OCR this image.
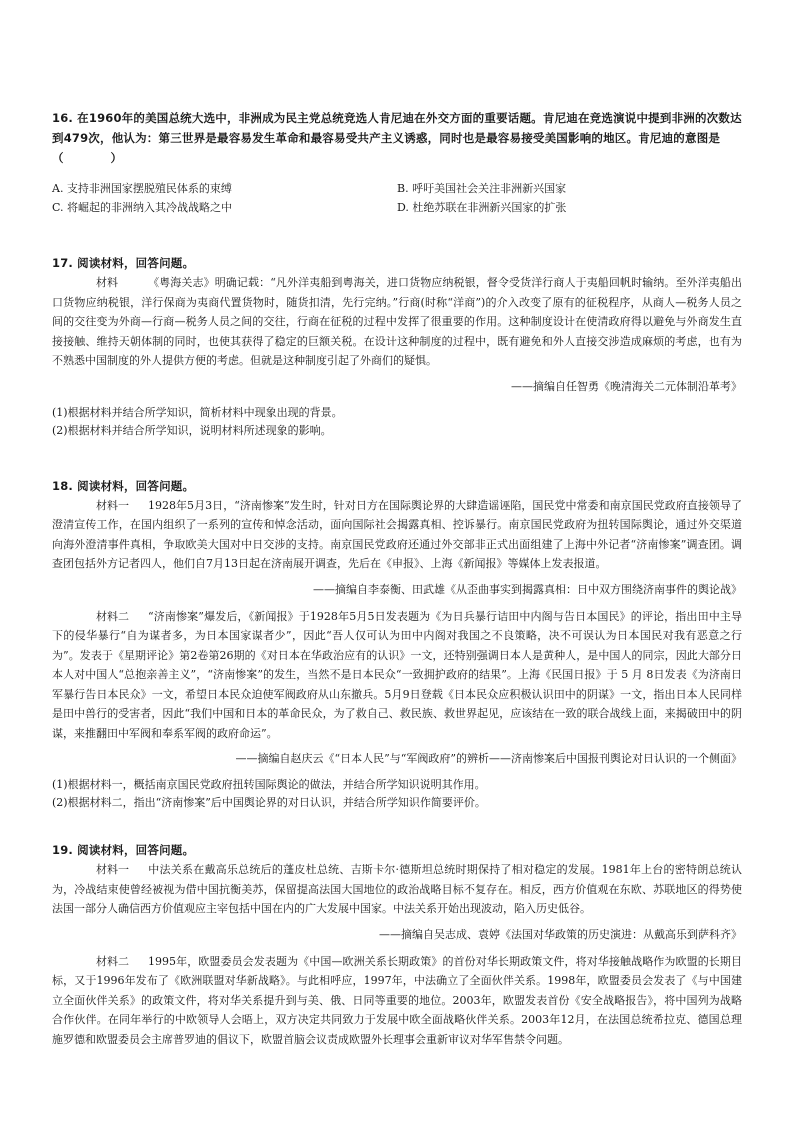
16. 在1960年的美国总统大选中，非洲成为民主党总统竞选人肯尼迪在外交方面的重要话题。肯尼迪在竞选演说中提到非洲的次数达到479次，他认为：第三世界是最容易发生革命和最容易受共产主义诱惑，同时也是最容易接受美国影响的地区。肯尼迪的意图是（　　　　）

A. 支持非洲国家摆脱殖民体系的束缚	B. 呼吁美国社会关注非洲新兴国家
C. 将崛起的非洲纳入其冷战战略之中	D. 杜绝苏联在非洲新兴国家的扩张
17. 阅读材料，回答问题。

材料	《粤海关志》明确记载：“凡外洋夷船到粤海关，进口货物应纳税银，督令受货洋行商人于夷船回帆时输纳。至外洋夷船出口货物应纳税银，洋行保商为夷商代置货物时，随货扣清，先行完纳。”行商(时称“洋商”)的介入改变了原有的征税程序，从商人—税务人员之间的交往变为外商—行商—税务人员之间的交往，行商在征税的过程中发挥了很重要的作用。这种制度设计在使清政府得以避免与外商发生直接接触、维持天朝体制的同时，也使其获得了稳定的巨额关税。在设计这种制度的过程中，既有避免和外人直接交涉造成麻烦的考虑，也有为不熟悉中国制度的外人提供方便的考虑。但就是这种制度引起了外商们的疑惧。

——摘编自任智勇《晚清海关二元体制沿革考》

(1)根据材料并结合所学知识，简析材料中现象出现的背景。

(2)根据材料并结合所学知识，说明材料所述现象的影响。

18. 阅读材料，回答问题。

材料一 1928年5月3日，“济南惨案”发生时，针对日方在国际舆论界的大肆造谣诬陷，国民党中常委和南京国民党政府直接领导了澄清宣传工作，在国内组织了一系列的宣传和悼念活动，面向国际社会揭露真相、控诉暴行。南京国民党政府为扭转国际舆论，通过外交渠道向海外澄清事件真相，争取欧美大国对中日交涉的支持。南京国民党政府还通过外交部非正式出面组建了上海中外记者“济南惨案”调查团。调查团包括外方记者四人，他们自7月13日起在济南展开调查，先后在《申报》、上海《新闻报》等媒体上发表报道。

——摘编自李泰衡、田武雄《从歪曲事实到揭露真相：日中双方围绕济南事件的舆论战》

材料二 “济南惨案”爆发后，《新闻报》于1928年5月5日发表题为《为日兵暴行诘田中内阁与告日本国民》的评论，指出田中主导下的侵华暴行“自为谋者多，为日本国家谋者少”，因此“吾人仅可认为田中内阁对我国之不良策略，决不可误认为日本国民对我有恶意之行为”。发表于《星期评论》第2卷第26期的《对日本在华政治应有的认识》一文，还特别强调日本人是黄种人，是中国人的同宗，因此大部分日本人对中国人“总抱亲善主义”，“济南惨案”的发生，当然不是日本民众“一致拥护政府的结果”。上海《民国日报》于 5 月 8日发表《为济南日军暴行告日本民众》一文，希望日本民众迫使军阀政府从山东撤兵。5月9日登载《日本民众应积极认识田中的阴谋》一文，指出日本人民同样是田中兽行的受害者，因此“我们中国和日本的革命民众，为了救自己、救民族、救世界起见，应该结在一致的联合战线上面，来揭破田中的阴谋，来推翻田中军阀和奉系军阀的政府命运”。

——摘编自赵庆云《“日本人民”与“军阀政府”的辨析——济南惨案后中国报刊舆论对日认识的一个侧面》

(1)根据材料一，概括南京国民党政府扭转国际舆论的做法，并结合所学知识说明其作用。

(2)根据材料二，指出“济南惨案”后中国舆论界的对日认识，并结合所学知识作简要评价。

19. 阅读材料，回答问题。

材料一 中法关系在戴高乐总统后的蓬皮杜总统、吉斯卡尔·德斯坦总统时期保持了相对稳定的发展。1981年上台的密特朗总统认为，冷战结束使曾经被视为借中国抗衡美苏，保留提高法国大国地位的政治战略目标不复存在。相反，西方价值观在东欧、苏联地区的得势使法国一部分人确信西方价值观应主宰包括中国在内的广大发展中国家。中法关系开始出现波动，陷入历史低谷。

——摘编自吴志成、袁婷《法国对华政策的历史演进：从戴高乐到萨科齐》

材料二 1995年，欧盟委员会发表题为《中国—欧洲关系长期政策》的首份对华长期政策文件，将对华接触战略作为欧盟的长期目标，又于1996年发布了《欧洲联盟对华新战略》。与此相呼应，1997年，中法确立了全面伙伴关系。1998年，欧盟委员会发表了《与中国建立全面伙伴关系》的政策文件，将对华关系提升到与美、俄、日同等重要的地位。2003年，欧盟发表首份《安全战略报告》，将中国列为战略合作伙伴。在同年举行的中欧领导人会晤上，双方决定共同致力于发展中欧全面战略伙伴关系。2003年12月，在法国总统希拉克、德国总理施罗德和欧盟委员会主席普罗迪的倡议下，欧盟首脑会议责成欧盟外长理事会重新审议对华军售禁令问题。
